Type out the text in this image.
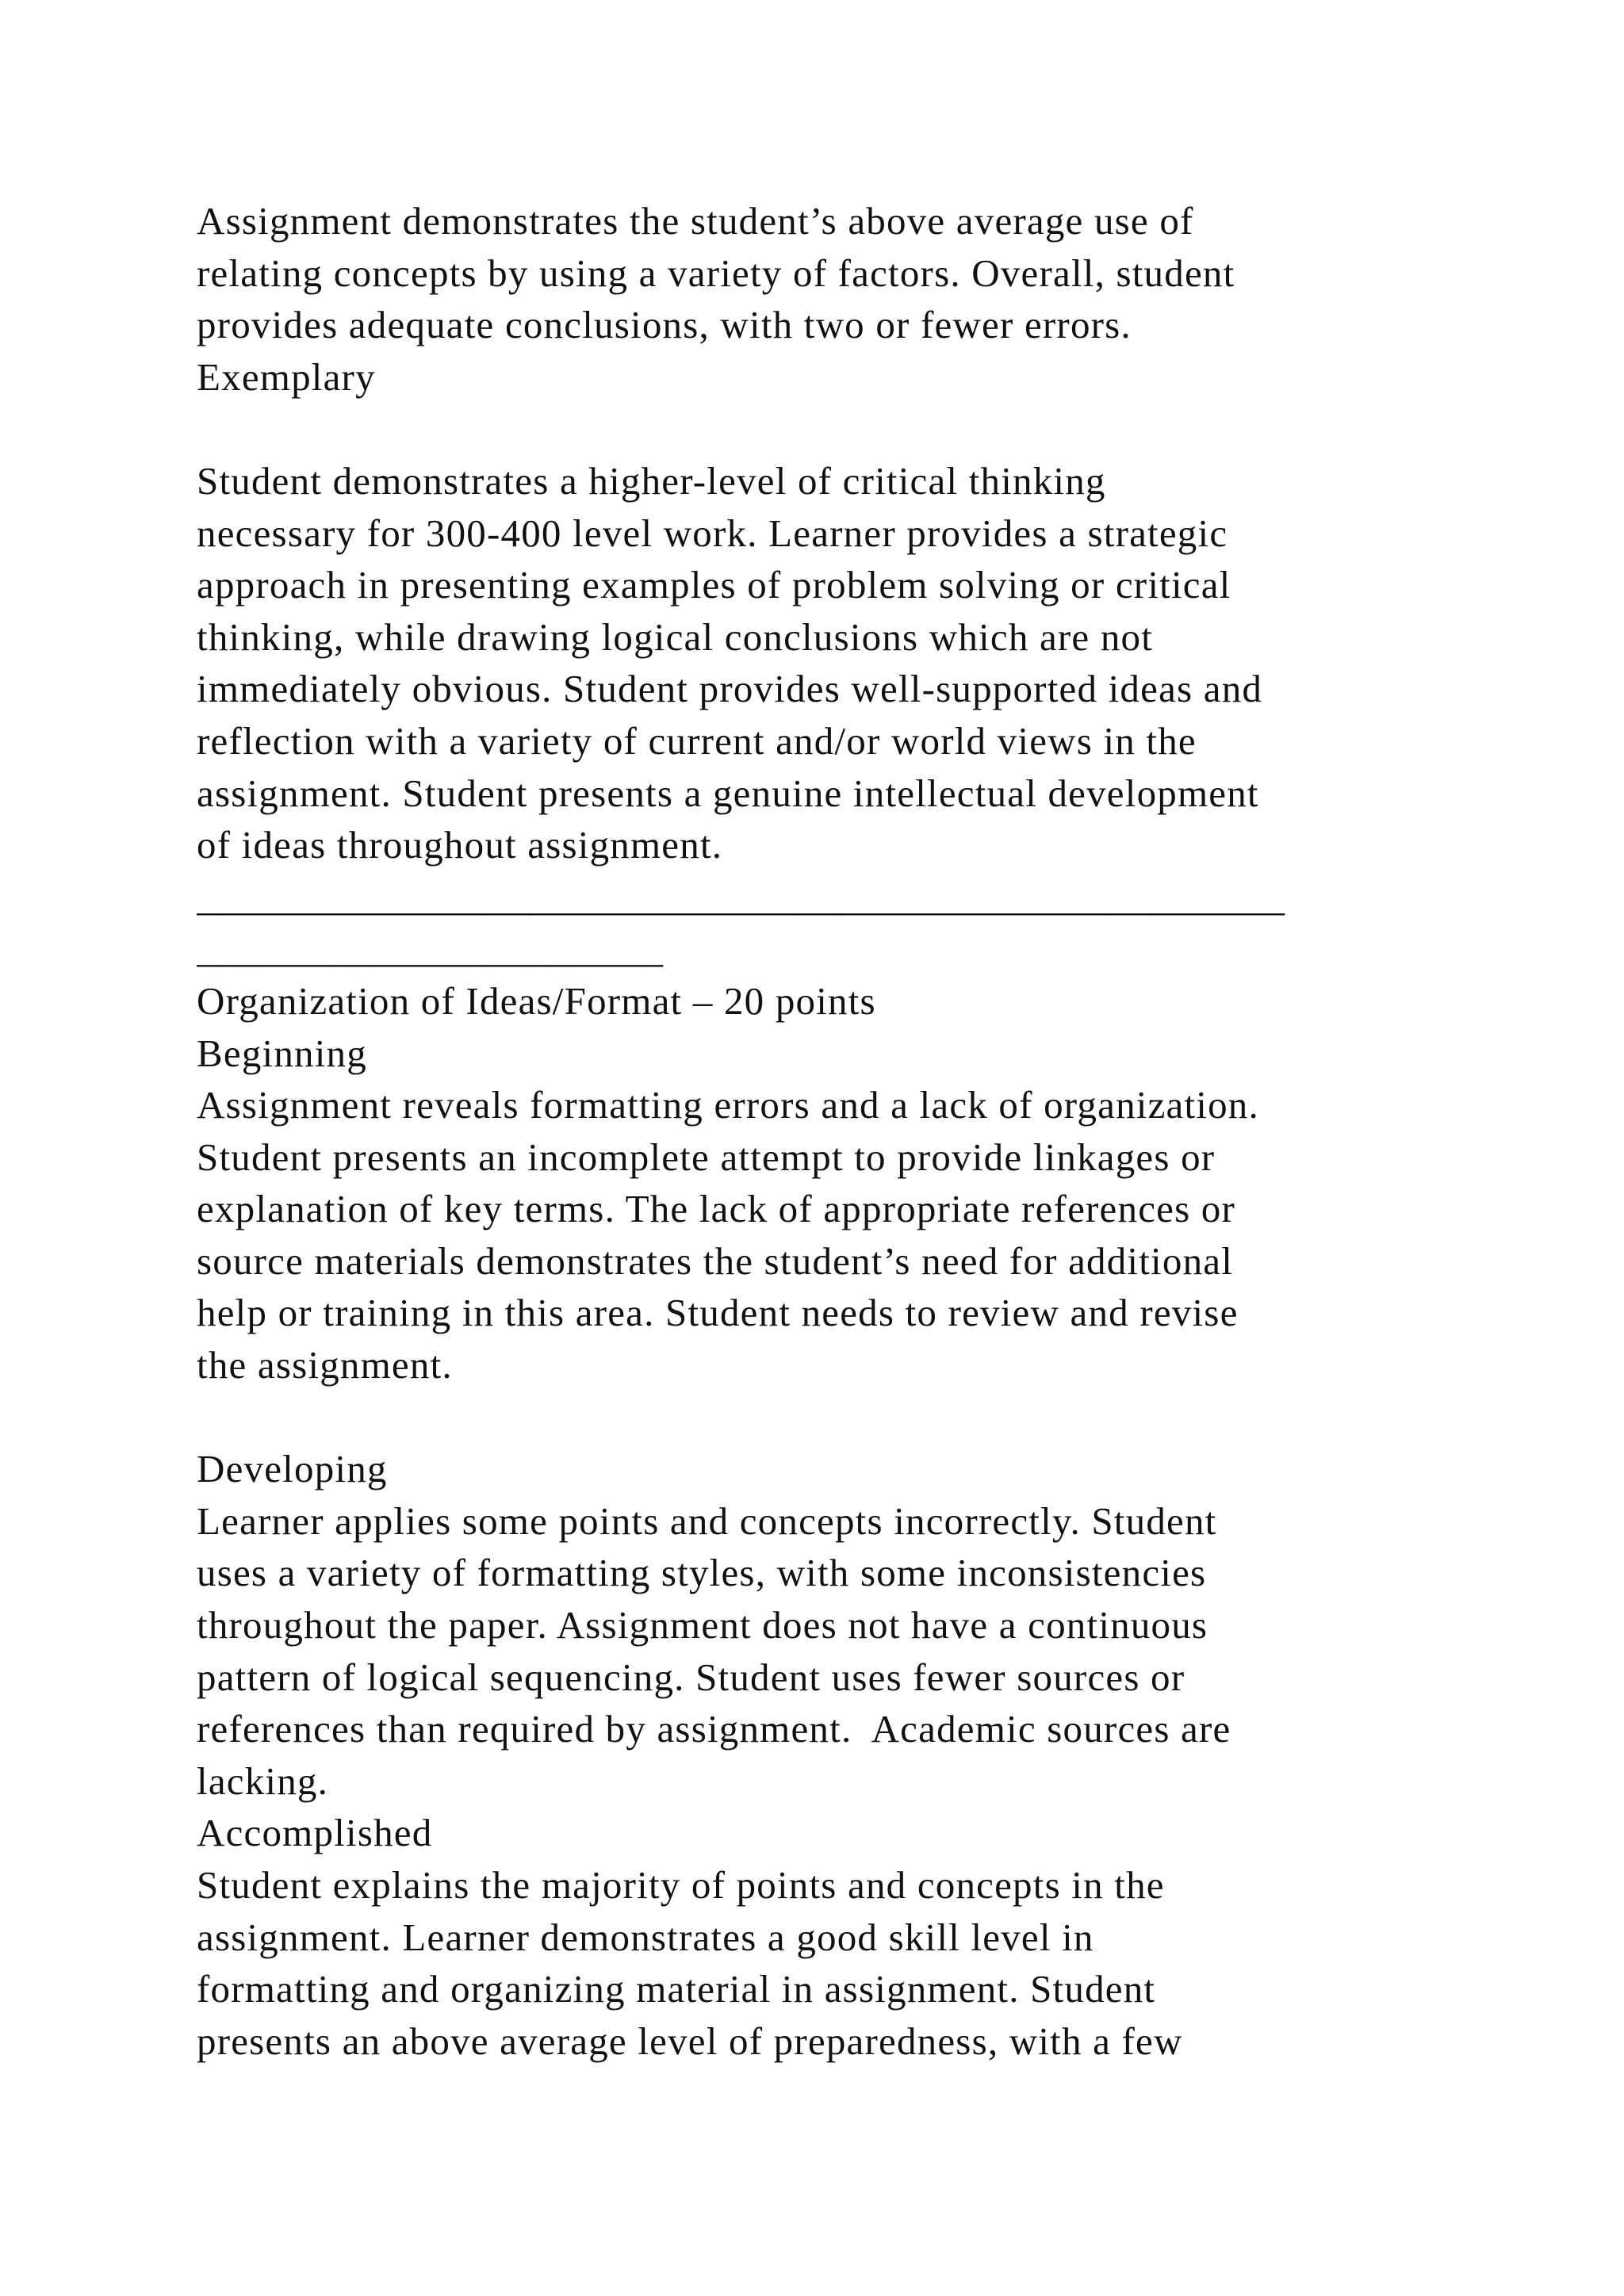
Assignment demonstrates the student’s above average use of
relating concepts by using a variety of factors. Overall, student
provides adequate conclusions, with two or fewer errors.
Exemplary
Student demonstrates a higher-level of critical thinking
necessary for 300-400 level work. Learner provides a strategic
approach in presenting examples of problem solving or critical
thinking, while drawing logical conclusions which are not
immediately obvious. Student provides well-supported ideas and
reflection with a variety of current and/or world views in the
assignment. Student presents a genuine intellectual development
of ideas throughout assignment.
________________________________________________________
________________________
Organization of Ideas/Format – 20 points
Beginning
Assignment reveals formatting errors and a lack of organization.
Student presents an incomplete attempt to provide linkages or
explanation of key terms. The lack of appropriate references or
source materials demonstrates the student’s need for additional
help or training in this area. Student needs to review and revise
the assignment.
Developing
Learner applies some points and concepts incorrectly. Student
uses a variety of formatting styles, with some inconsistencies
throughout the paper. Assignment does not have a continuous
pattern of logical sequencing. Student uses fewer sources or
references than required by assignment.  Academic sources are
lacking.
Accomplished
Student explains the majority of points and concepts in the
assignment. Learner demonstrates a good skill level in
formatting and organizing material in assignment. Student
presents an above average level of preparedness, with a few
